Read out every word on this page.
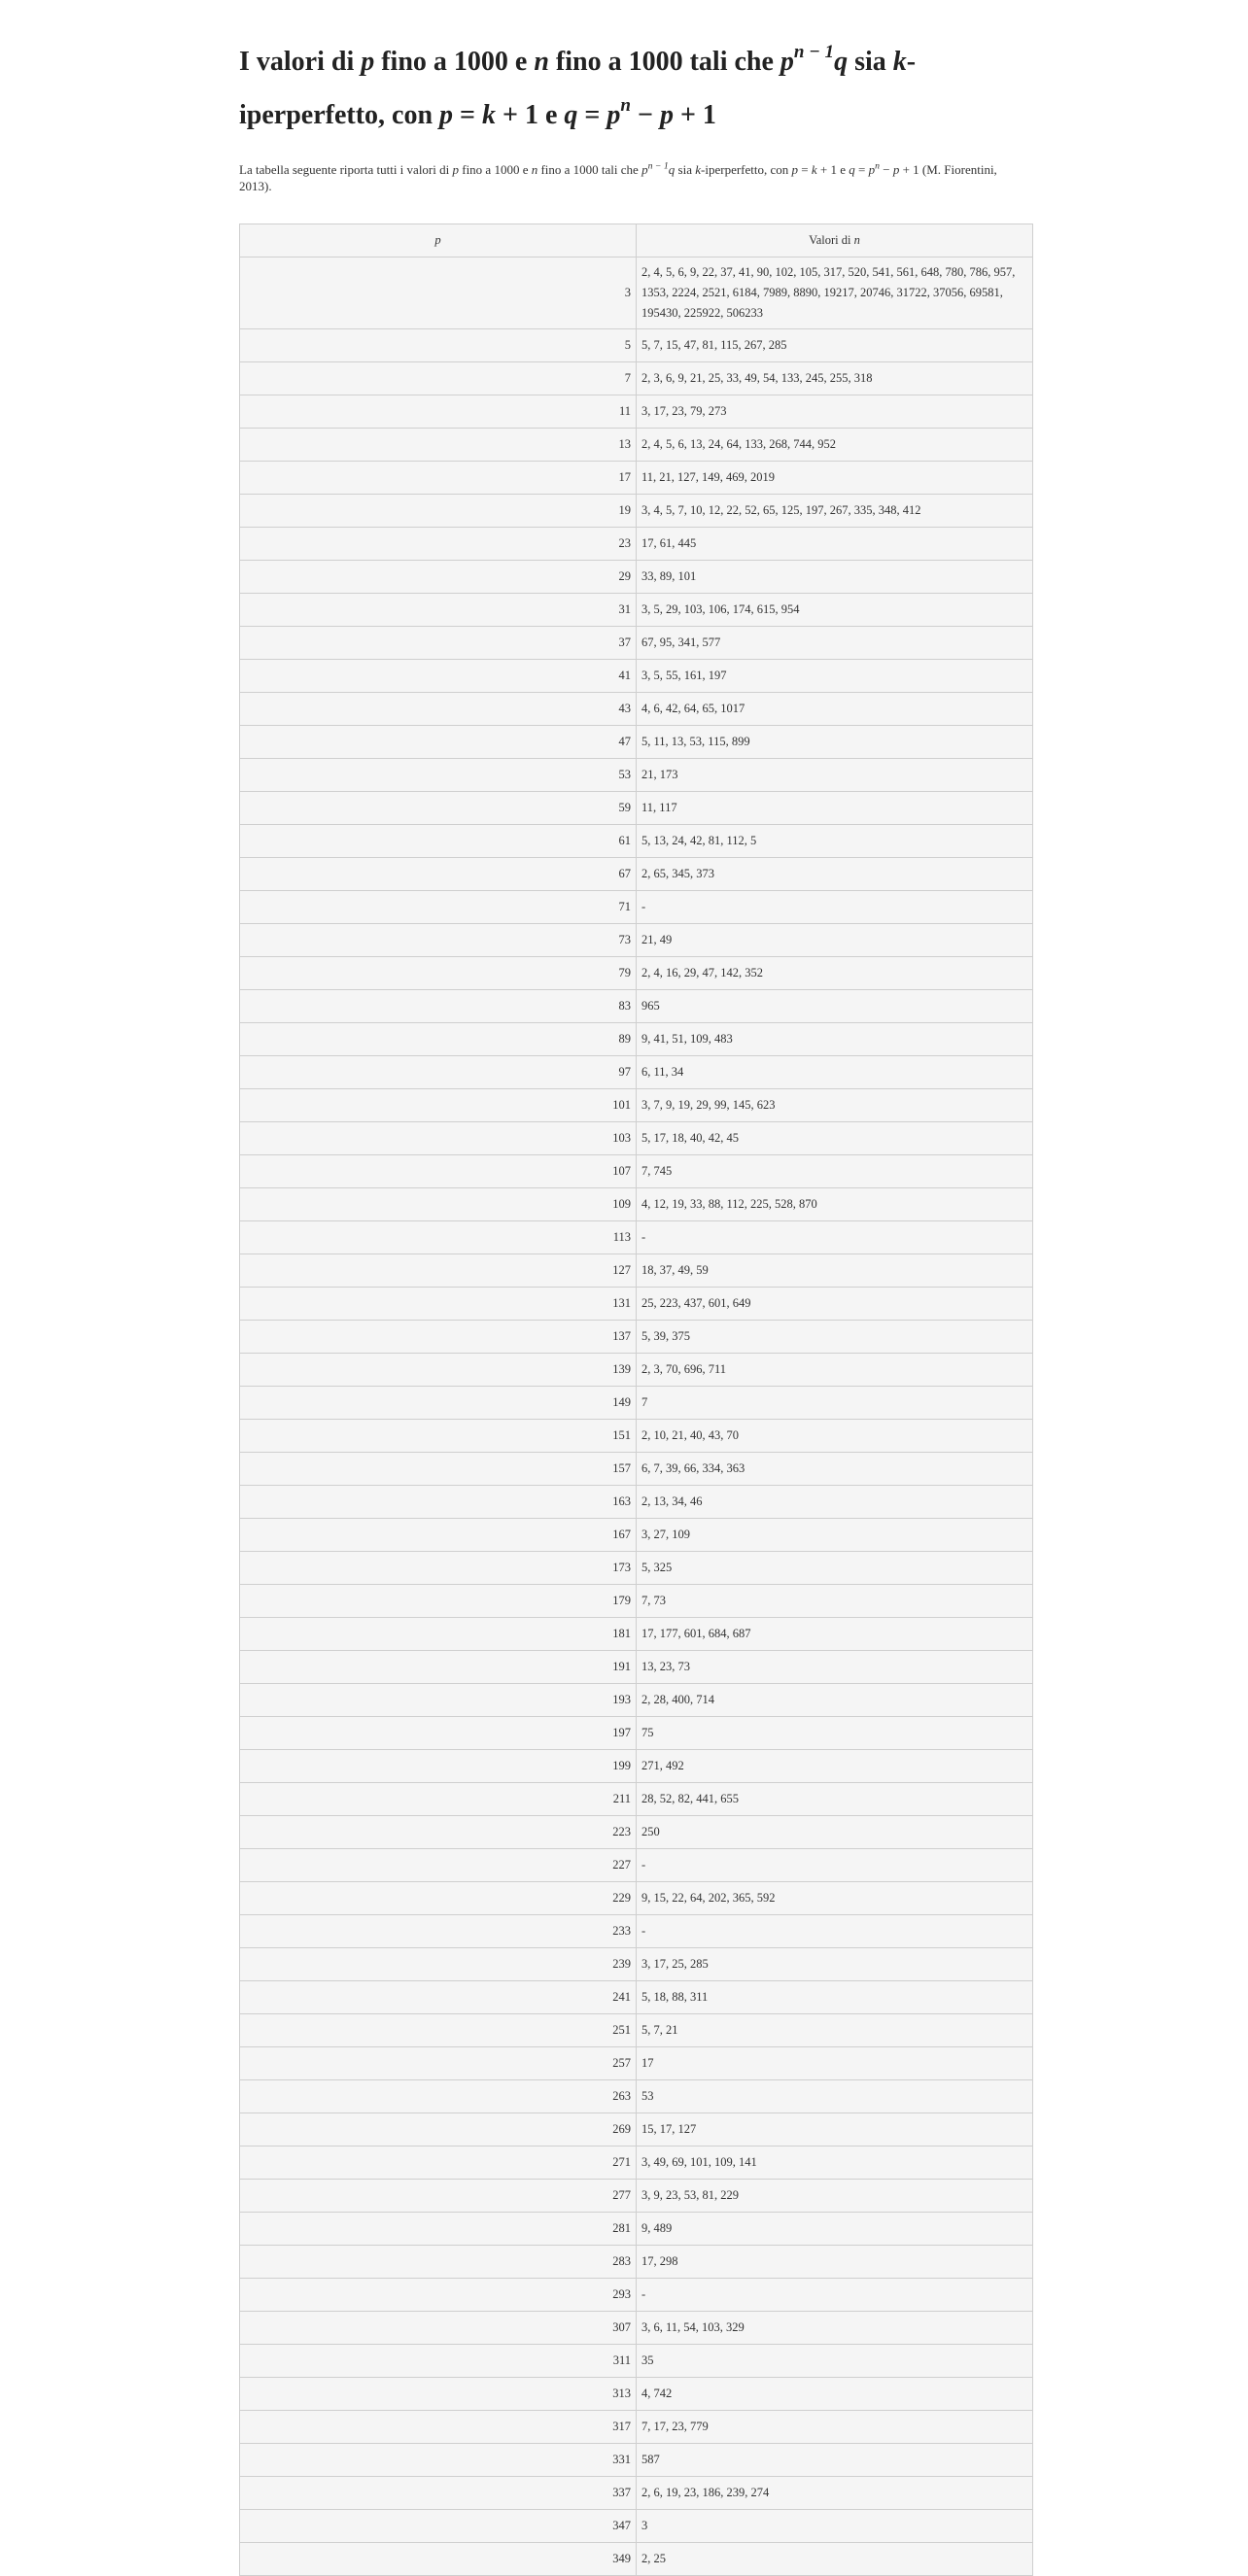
I valori di p fino a 1000 e n fino a 1000 tali che $p^{n - 1}q$ sia k-
iperperfetto, con p = k + 1 e $q = p^n - p + 1$

La tabella seguente riporta tutti i valori di p fino a 1000 e n fino a 1000 tali che $p^{n - 1}q$ sia k-iperperfetto, con p = k + 1 e $q = p^n - p + 1$ (M. Fiorentini, 2013).

p	Valori di n
3	2, 4, 5, 6, 9, 22, 37, 41, 90, 102, 105, 317, 520, 541, 561, 648, 780, 786, 957, 1353, 2224, 2521, 6184, 7989, 8890, 19217, 20746, 31722, 37056, 69581, 195430, 225922, 506233
5	5, 7, 15, 47, 81, 115, 267, 285
7	2, 3, 6, 9, 21, 25, 33, 49, 54, 133, 245, 255, 318
11	3, 17, 23, 79, 273
13	2, 4, 5, 6, 13, 24, 64, 133, 268, 744, 952
17	11, 21, 127, 149, 469, 2019
19	3, 4, 5, 7, 10, 12, 22, 52, 65, 125, 197, 267, 335, 348, 412
23	17, 61, 445
29	33, 89, 101
31	3, 5, 29, 103, 106, 174, 615, 954
37	67, 95, 341, 577
41	3, 5, 55, 161, 197
43	4, 6, 42, 64, 65, 1017
47	5, 11, 13, 53, 115, 899
53	21, 173
59	11, 117
61	5, 13, 24, 42, 81, 112, 5
67	2, 65, 345, 373
71	-
73	21, 49
79	2, 4, 16, 29, 47, 142, 352
83	965
89	9, 41, 51, 109, 483
97	6, 11, 34
101	3, 7, 9, 19, 29, 99, 145, 623
103	5, 17, 18, 40, 42, 45
107	7, 745
109	4, 12, 19, 33, 88, 112, 225, 528, 870
113	-
127	18, 37, 49, 59
131	25, 223, 437, 601, 649
137	5, 39, 375
139	2, 3, 70, 696, 711
149	7
151	2, 10, 21, 40, 43, 70
157	6, 7, 39, 66, 334, 363
163	2, 13, 34, 46
167	3, 27, 109
173	5, 325
179	7, 73
181	17, 177, 601, 684, 687
191	13, 23, 73
193	2, 28, 400, 714
197	75
199	271, 492
211	28, 52, 82, 441, 655
223	250
227	-
229	9, 15, 22, 64, 202, 365, 592
233	-
239	3, 17, 25, 285
241	5, 18, 88, 311
251	5, 7, 21
257	17
263	53
269	15, 17, 127
271	3, 49, 69, 101, 109, 141
277	3, 9, 23, 53, 81, 229
281	9, 489
283	17, 298
293	-
307	3, 6, 11, 54, 103, 329
311	35
313	4, 742
317	7, 17, 23, 779
331	587
337	2, 6, 19, 23, 186, 239, 274
347	3
349	2, 25
